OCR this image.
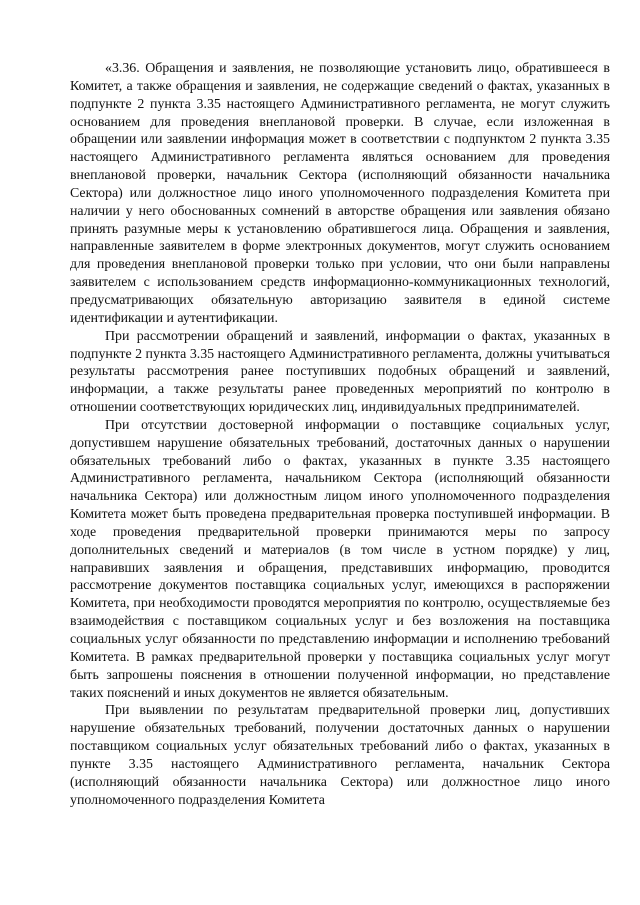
«3.36. Обращения и заявления, не позволяющие установить лицо, обратившееся в Комитет, а также обращения и заявления, не содержащие сведений о фактах, указанных в подпункте 2 пункта 3.35 настоящего Административного регламента, не могут служить основанием для проведения внеплановой проверки. В случае, если изложенная в обращении или заявлении информация может в соответствии с подпунктом 2 пункта 3.35 настоящего Административного регламента являться основанием для проведения внеплановой проверки, начальник Сектора (исполняющий обязанности начальника Сектора) или должностное лицо иного уполномоченного подразделения Комитета при наличии у него обоснованных сомнений в авторстве обращения или заявления обязано принять разумные меры к установлению обратившегося лица. Обращения и заявления, направленные заявителем в форме электронных документов, могут служить основанием для проведения внеплановой проверки только при условии, что они были направлены заявителем с использованием средств информационно-коммуникационных технологий, предусматривающих обязательную авторизацию заявителя в единой системе идентификации и аутентификации.

При рассмотрении обращений и заявлений, информации о фактах, указанных в подпункте 2 пункта 3.35 настоящего Административного регламента, должны учитываться результаты рассмотрения ранее поступивших подобных обращений и заявлений, информации, а также результаты ранее проведенных мероприятий по контролю в отношении соответствующих юридических лиц, индивидуальных предпринимателей.

При отсутствии достоверной информации о поставщике социальных услуг, допустившем нарушение обязательных требований, достаточных данных о нарушении обязательных требований либо о фактах, указанных в пункте 3.35 настоящего Административного регламента, начальником Сектора (исполняющий обязанности начальника Сектора) или должностным лицом иного уполномоченного подразделения Комитета может быть проведена предварительная проверка поступившей информации. В ходе проведения предварительной проверки принимаются меры по запросу дополнительных сведений и материалов (в том числе в устном порядке) у лиц, направивших заявления и обращения, представивших информацию, проводится рассмотрение документов поставщика социальных услуг, имеющихся в распоряжении Комитета, при необходимости проводятся мероприятия по контролю, осуществляемые без взаимодействия с поставщиком социальных услуг и без возложения на поставщика социальных услуг обязанности по представлению информации и исполнению требований Комитета. В рамках предварительной проверки у поставщика социальных услуг могут быть запрошены пояснения в отношении полученной информации, но представление таких пояснений и иных документов не является обязательным.

При выявлении по результатам предварительной проверки лиц, допустивших нарушение обязательных требований, получении достаточных данных о нарушении поставщиком социальных услуг обязательных требований либо о фактах, указанных в пункте 3.35 настоящего Административного регламента, начальник Сектора (исполняющий обязанности начальника Сектора) или должностное лицо иного уполномоченного подразделения Комитета
